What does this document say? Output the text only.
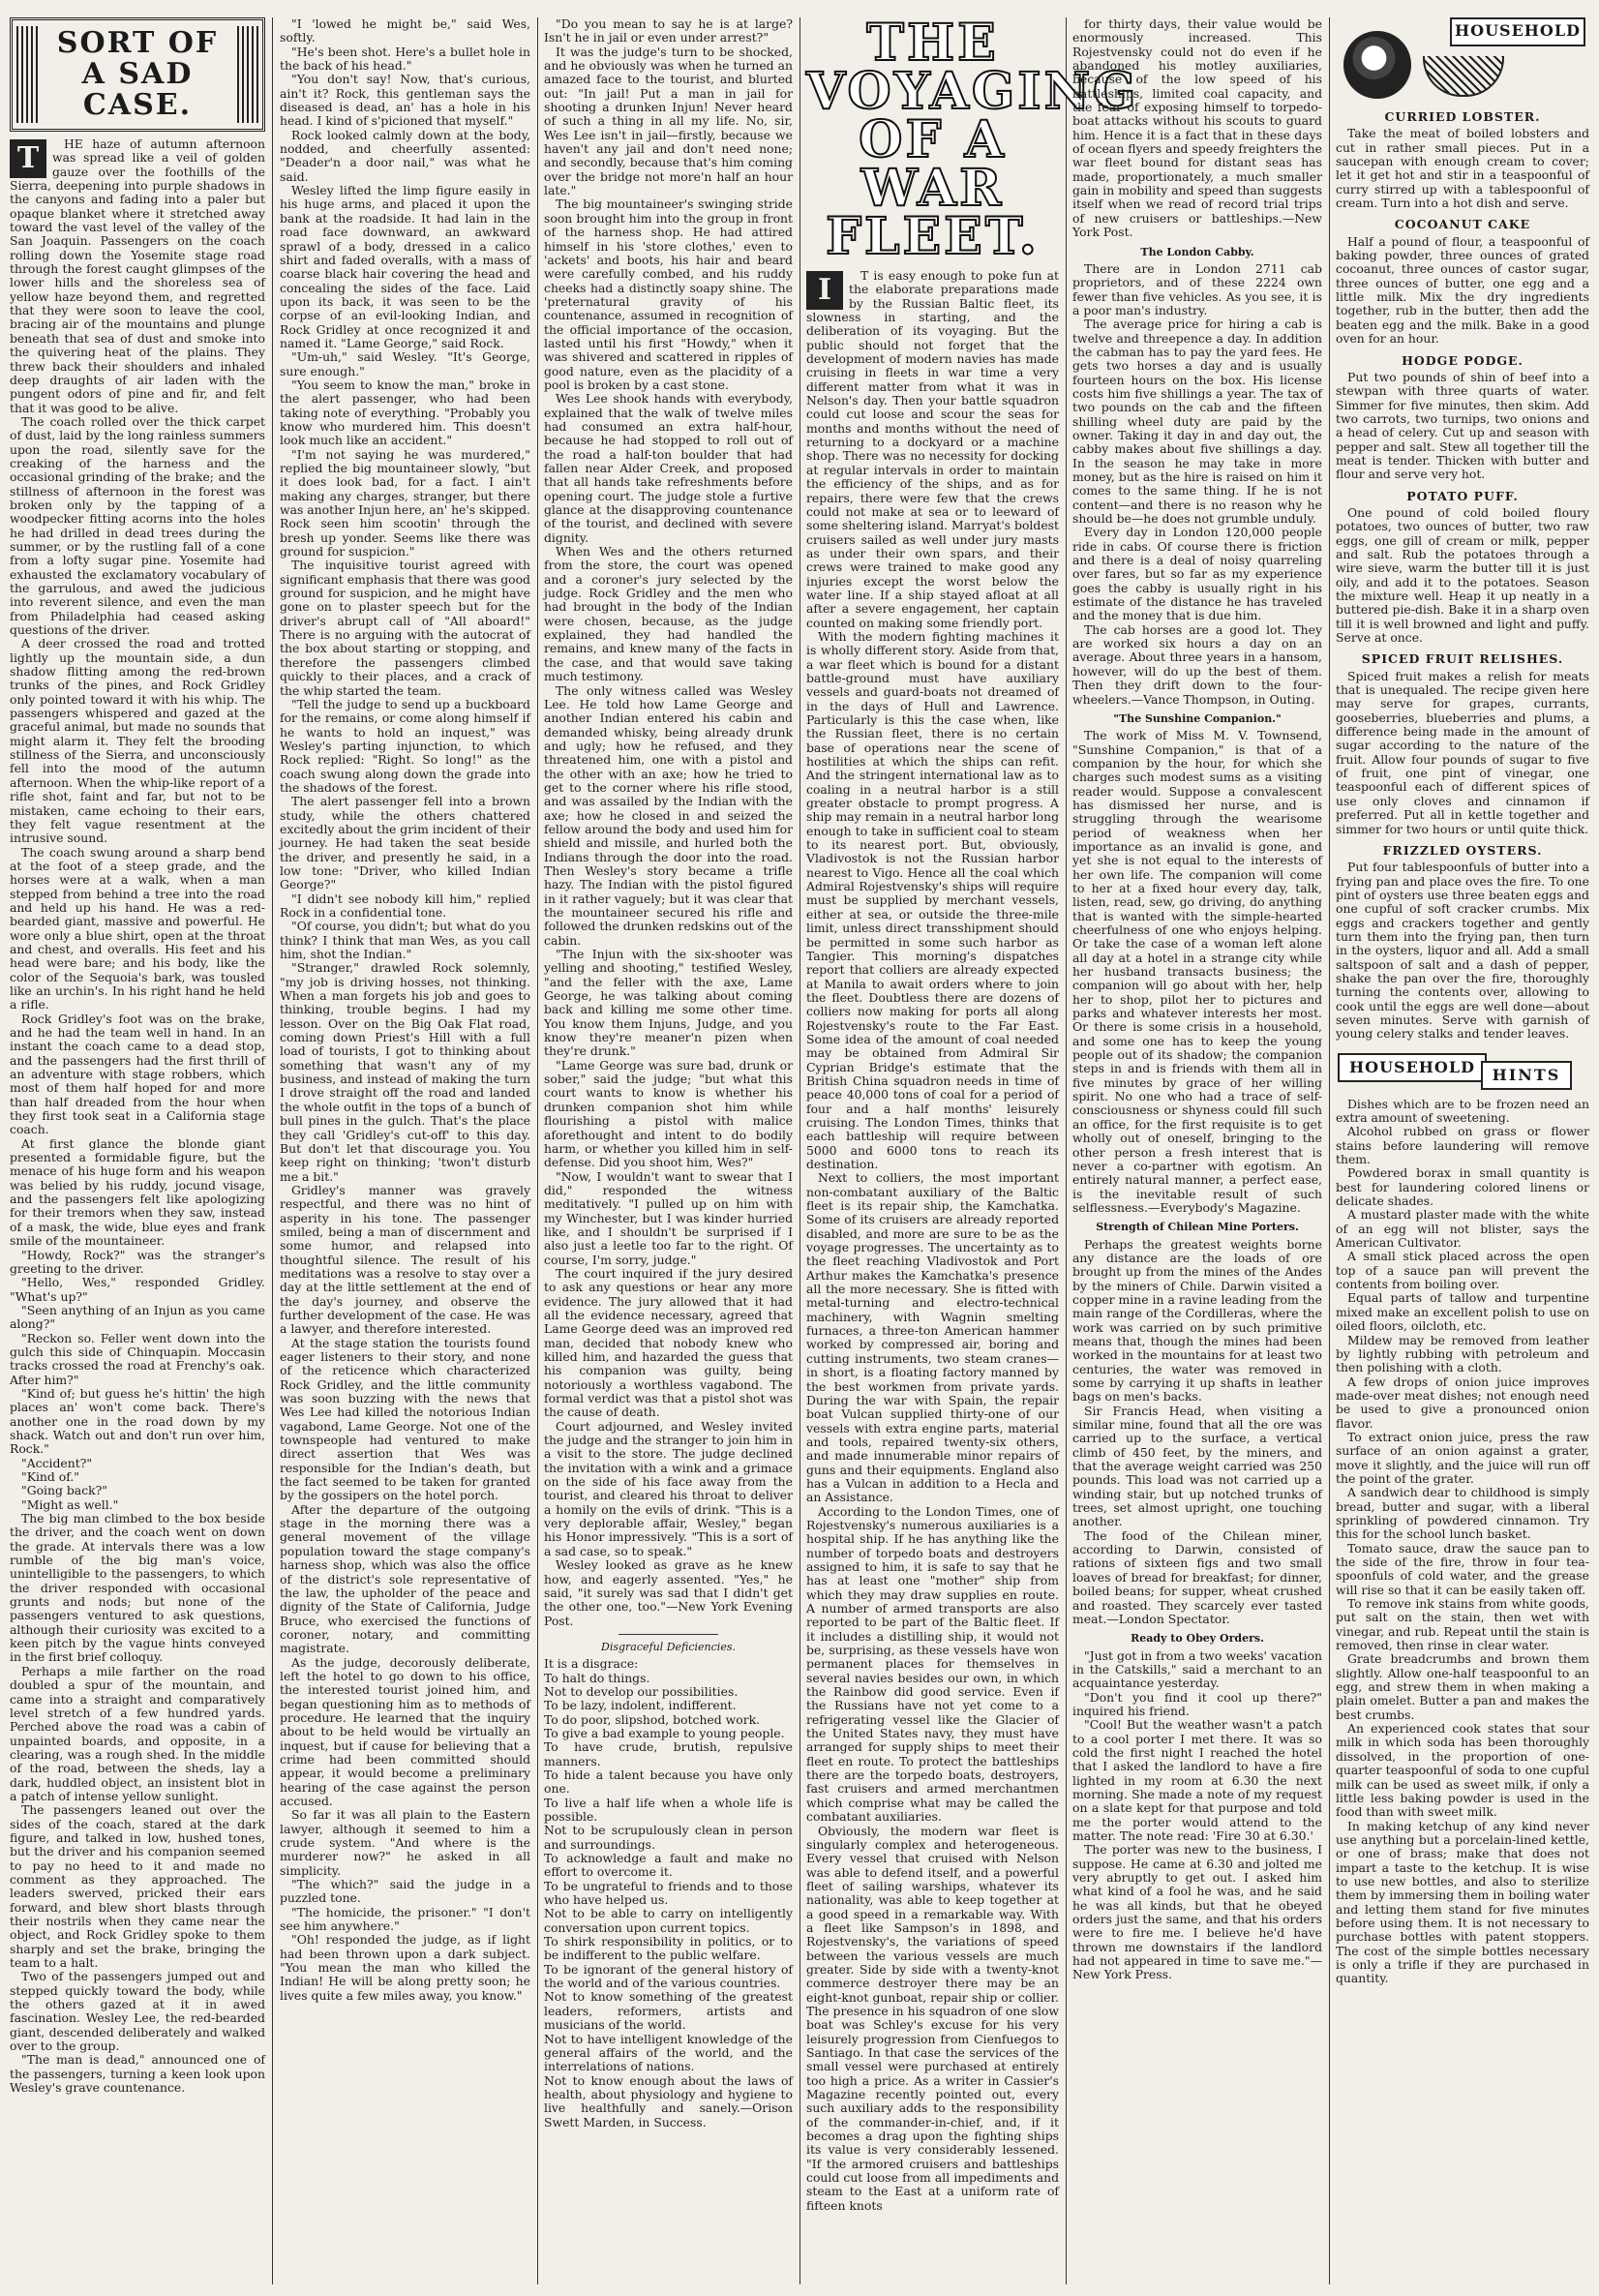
SORT OF A SAD CASE.
T	HE haze of autumn afternoon was spread like a veil of golden gauze over the foothills of the Sierra, deepening into purple shadows in the canyons and fading into a paler but opaque blanket where it stretched away toward the vast level of the valley of the San Joaquin. Passengers on the coach rolling down the Yosemite stage road through the forest caught glimpses of the lower hills and the shoreless sea of yellow haze beyond them, and regretted that they were soon to leave the cool, bracing air of the mountains and plunge beneath that sea of dust and smoke into the quivering heat of the plains. They threw back their shoulders and inhaled deep draughts of air laden with the pungent odors of pine and fir, and felt that it was good to be alive.

The coach rolled over the thick carpet of dust, laid by the long rainless summers upon the road, silently save for the creaking of the harness and the occasional grinding of the brake; and the stillness of afternoon in the forest was broken only by the tapping of a woodpecker fitting acorns into the holes he had drilled in dead trees during the summer, or by the rustling fall of a cone from a lofty sugar pine. Yosemite had exhausted the exclamatory vocabulary of the garrulous, and awed the judicious into reverent silence, and even the man from Philadelphia had ceased asking questions of the driver.

A deer crossed the road and trotted lightly up the mountain side, a dun shadow flitting among the red-brown trunks of the pines, and Rock Gridley only pointed toward it with his whip. The passengers whispered and gazed at the graceful animal, but made no sounds that might alarm it. They felt the brooding stillness of the Sierra, and unconsciously fell into the mood of the autumn afternoon. When the whip-like report of a rifle shot, faint and far, but not to be mistaken, came echoing to their ears, they felt vague resentment at the intrusive sound.

The coach swung around a sharp bend at the foot of a steep grade, and the horses were at a walk, when a man stepped from behind a tree into the road and held up his hand. He was a red-bearded giant, massive and powerful. He wore only a blue shirt, open at the throat and chest, and overalls. His feet and his head were bare; and his body, like the color of the Sequoia's bark, was tousled like an urchin's. In his right hand he held a rifle.

Rock Gridley's foot was on the brake, and he had the team well in hand. In an instant the coach came to a dead stop, and the passengers had the first thrill of an adventure with stage robbers, which most of them half hoped for and more than half dreaded from the hour when they first took seat in a California stage coach.

At first glance the blonde giant presented a formidable figure, but the menace of his huge form and his weapon was belied by his ruddy, jocund visage, and the passengers felt like apologizing for their tremors when they saw, instead of a mask, the wide, blue eyes and frank smile of the mountaineer.

"Howdy, Rock?" was the stranger's greeting to the driver.

"Hello, Wes," responded Gridley. "What's up?"

"Seen anything of an Injun as you came along?"

"Reckon so. Feller went down into the gulch this side of Chinquapin. Moccasin tracks crossed the road at Frenchy's oak. After him?"

"Kind of; but guess he's hittin' the high places an' won't come back. There's another one in the road down by my shack. Watch out and don't run over him, Rock."

"Accident?"

"Kind of."

"Going back?"

"Might as well."

The big man climbed to the box beside the driver, and the coach went on down the grade. At intervals there was a low rumble of the big man's voice, unintelligible to the passengers, to which the driver responded with occasional grunts and nods; but none of the passengers ventured to ask questions, although their curiosity was excited to a keen pitch by the vague hints conveyed in the first brief colloquy.

Perhaps a mile farther on the road doubled a spur of the mountain, and came into a straight and comparatively level stretch of a few hundred yards. Perched above the road was a cabin of unpainted boards, and opposite, in a clearing, was a rough shed. In the middle of the road, between the sheds, lay a dark, huddled object, an insistent blot in a patch of intense yellow sunlight.

The passengers leaned out over the sides of the coach, stared at the dark figure, and talked in low, hushed tones, but the driver and his companion seemed to pay no heed to it and made no comment as they approached. The leaders swerved, pricked their ears forward, and blew short blasts through their nostrils when they came near the object, and Rock Gridley spoke to them sharply and set the brake, bringing the team to a halt.

Two of the passengers jumped out and stepped quickly toward the body, while the others gazed at it in awed fascination. Wesley Lee, the red-bearded giant, descended deliberately and walked over to the group.

"The man is dead," announced one of the passengers, turning a keen look upon Wesley's grave countenance.

"I 'lowed he might be," said Wes, softly.

"He's been shot. Here's a bullet hole in the back of his head."

"You don't say! Now, that's curious, ain't it? Rock, this gentleman says the diseased is dead, an' has a hole in his head. I kind of s'picioned that myself."

Rock looked calmly down at the body, nodded, and cheerfully assented: "Deader'n a door nail," was what he said.

Wesley lifted the limp figure easily in his huge arms, and placed it upon the bank at the roadside. It had lain in the road face downward, an awkward sprawl of a body, dressed in a calico shirt and faded overalls, with a mass of coarse black hair covering the head and concealing the sides of the face. Laid upon its back, it was seen to be the corpse of an evil-looking Indian, and Rock Gridley at once recognized it and named it. "Lame George," said Rock.

"Um-uh," said Wesley. "It's George, sure enough."

"You seem to know the man," broke in the alert passenger, who had been taking note of everything. "Probably you know who murdered him. This doesn't look much like an accident."

"I'm not saying he was murdered," replied the big mountaineer slowly, "but it does look bad, for a fact. I ain't making any charges, stranger, but there was another Injun here, an' he's skipped. Rock seen him scootin' through the bresh up yonder. Seems like there was ground for suspicion."

The inquisitive tourist agreed with significant emphasis that there was good ground for suspicion, and he might have gone on to plaster speech but for the driver's abrupt call of "All aboard!" There is no arguing with the autocrat of the box about starting or stopping, and therefore the passengers climbed quickly to their places, and a crack of the whip started the team.

"Tell the judge to send up a buckboard for the remains, or come along himself if he wants to hold an inquest," was Wesley's parting injunction, to which Rock replied: "Right. So long!" as the coach swung along down the grade into the shadows of the forest.

The alert passenger fell into a brown study, while the others chattered excitedly about the grim incident of their journey. He had taken the seat beside the driver, and presently he said, in a low tone: "Driver, who killed Indian George?"

"I didn't see nobody kill him," replied Rock in a confidential tone.

"Of course, you didn't; but what do you think? I think that man Wes, as you call him, shot the Indian."

"Stranger," drawled Rock solemnly, "my job is driving hosses, not thinking. When a man forgets his job and goes to thinking, trouble begins. I had my lesson. Over on the Big Oak Flat road, coming down Priest's Hill with a full load of tourists, I got to thinking about something that wasn't any of my business, and instead of making the turn I drove straight off the road and landed the whole outfit in the tops of a bunch of bull pines in the gulch. That's the place they call 'Gridley's cut-off' to this day. But don't let that discourage you. You keep right on thinking; 'twon't disturb me a bit."

Gridley's manner was gravely respectful, and there was no hint of asperity in his tone. The passenger smiled, being a man of discernment and some humor, and relapsed into thoughtful silence. The result of his meditations was a resolve to stay over a day at the little settlement at the end of the day's journey, and observe the further development of the case. He was a lawyer, and therefore interested.

At the stage station the tourists found eager listeners to their story, and none of the reticence which characterized Rock Gridley, and the little community was soon buzzing with the news that Wes Lee had killed the notorious Indian vagabond, Lame George. Not one of the townspeople had ventured to make direct assertion that Wes was responsible for the Indian's death, but the fact seemed to be taken for granted by the gossipers on the hotel porch.

After the departure of the outgoing stage in the morning there was a general movement of the village population toward the stage company's harness shop, which was also the office of the district's sole representative of the law, the upholder of the peace and dignity of the State of California, Judge Bruce, who exercised the functions of coroner, notary, and committing magistrate.

As the judge, decorously deliberate, left the hotel to go down to his office, the interested tourist joined him, and began questioning him as to methods of procedure. He learned that the inquiry about to be held would be virtually an inquest, but if cause for believing that a crime had been committed should appear, it would become a preliminary hearing of the case against the person accused.

So far it was all plain to the Eastern lawyer, although it seemed to him a crude system. "And where is the murderer now?" he asked in all simplicity.

"The which?" said the judge in a puzzled tone.

"The homicide, the prisoner." "I don't see him anywhere."

"Oh! responded the judge, as if light had been thrown upon a dark subject. "You mean the man who killed the Indian! He will be along pretty soon; he lives quite a few miles away, you know."

"Do you mean to say he is at large? Isn't he in jail or even under arrest?"

It was the judge's turn to be shocked, and he obviously was when he turned an amazed face to the tourist, and blurted out: "In jail! Put a man in jail for shooting a drunken Injun! Never heard of such a thing in all my life. No, sir, Wes Lee isn't in jail—firstly, because we haven't any jail and don't need none; and secondly, because that's him coming over the bridge not more'n half an hour late."

The big mountaineer's swinging stride soon brought him into the group in front of the harness shop. He had attired himself in his 'store clothes,' even to 'ackets' and boots, his hair and beard were carefully combed, and his ruddy cheeks had a distinctly soapy shine. The 'preternatural gravity of his countenance, assumed in recognition of the official importance of the occasion, lasted until his first "Howdy," when it was shivered and scattered in ripples of good nature, even as the placidity of a pool is broken by a cast stone.

Wes Lee shook hands with everybody, explained that the walk of twelve miles had consumed an extra half-hour, because he had stopped to roll out of the road a half-ton boulder that had fallen near Alder Creek, and proposed that all hands take refreshments before opening court. The judge stole a furtive glance at the disapproving countenance of the tourist, and declined with severe dignity.

When Wes and the others returned from the store, the court was opened and a coroner's jury selected by the judge. Rock Gridley and the men who had brought in the body of the Indian were chosen, because, as the judge explained, they had handled the remains, and knew many of the facts in the case, and that would save taking much testimony.

The only witness called was Wesley Lee. He told how Lame George and another Indian entered his cabin and demanded whisky, being already drunk and ugly; how he refused, and they threatened him, one with a pistol and the other with an axe; how he tried to get to the corner where his rifle stood, and was assailed by the Indian with the axe; how he closed in and seized the fellow around the body and used him for shield and missile, and hurled both the Indians through the door into the road. Then Wesley's story became a trifle hazy. The Indian with the pistol figured in it rather vaguely; but it was clear that the mountaineer secured his rifle and followed the drunken redskins out of the cabin.

"The Injun with the six-shooter was yelling and shooting," testified Wesley, "and the feller with the axe, Lame George, he was talking about coming back and killing me some other time. You know them Injuns, Judge, and you know they're meaner'n pizen when they're drunk."

"Lame George was sure bad, drunk or sober," said the judge; "but what this court wants to know is whether his drunken companion shot him while flourishing a pistol with malice aforethought and intent to do bodily harm, or whether you killed him in self-defense. Did you shoot him, Wes?"

"Now, I wouldn't want to swear that I did," responded the witness meditatively. "I pulled up on him with my Winchester, but I was kinder hurried like, and I shouldn't be surprised if I also just a leetle too far to the right. Of course, I'm sorry, judge."

The court inquired if the jury desired to ask any questions or hear any more evidence. The jury allowed that it had all the evidence necessary, agreed that Lame George deed was an improved red man, decided that nobody knew who killed him, and hazarded the guess that his companion was guilty, being notoriously a worthless vagabond. The formal verdict was that a pistol shot was the cause of death.

Court adjourned, and Wesley invited the judge and the stranger to join him in a visit to the store. The judge declined the invitation with a wink and a grimace on the side of his face away from the tourist, and cleared his throat to deliver a homily on the evils of drink. "This is a very deplorable affair, Wesley," began his Honor impressively. "This is a sort of a sad case, so to speak."

Wesley looked as grave as he knew how, and eagerly assented. "Yes," he said, "it surely was sad that I didn't get the other one, too."—New York Evening Post.

Disgraceful Deficiencies.

It is a disgrace:

To halt do things.

Not to develop our possibilities.

To be lazy, indolent, indifferent.

To do poor, slipshod, botched work.

To give a bad example to young people.

To have crude, brutish, repulsive manners.

To hide a talent because you have only one.

To live a half life when a whole life is possible.

Not to be scrupulously clean in person and surroundings.

To acknowledge a fault and make no effort to overcome it.

To be ungrateful to friends and to those who have helped us.

Not to be able to carry on intelligently conversation upon current topics.

To shirk responsibility in politics, or to be indifferent to the public welfare.

To be ignorant of the general history of the world and of the various countries.

Not to know something of the greatest leaders, reformers, artists and musicians of the world.

Not to have intelligent knowledge of the general affairs of the world, and the interrelations of nations.

Not to know enough about the laws of health, about physiology and hygiene to live healthfully and sanely.—Orison Swett Marden, in Success.

THE VOYAGING OF A WAR FLEET.
I	T is easy enough to poke fun at the elaborate preparations made by the Russian Baltic fleet, its slowness in starting, and the deliberation of its voyaging. But the public should not forget that the development of modern navies has made cruising in fleets in war time a very different matter from what it was in Nelson's day. Then your battle squadron could cut loose and scour the seas for months and months without the need of returning to a dockyard or a machine shop. There was no necessity for docking at regular intervals in order to maintain the efficiency of the ships, and as for repairs, there were few that the crews could not make at sea or to leeward of some sheltering island. Marryat's boldest cruisers sailed as well under jury masts as under their own spars, and their crews were trained to make good any injuries except the worst below the water line. If a ship stayed afloat at all after a severe engagement, her captain counted on making some friendly port.

With the modern fighting machines it is wholly different story. Aside from that, a war fleet which is bound for a distant battle-ground must have auxiliary vessels and guard-boats not dreamed of in the days of Hull and Lawrence. Particularly is this the case when, like the Russian fleet, there is no certain base of operations near the scene of hostilities at which the ships can refit. And the stringent international law as to coaling in a neutral harbor is a still greater obstacle to prompt progress. A ship may remain in a neutral harbor long enough to take in sufficient coal to steam to its nearest port. But, obviously, Vladivostok is not the Russian harbor nearest to Vigo. Hence all the coal which Admiral Rojestvensky's ships will require must be supplied by merchant vessels, either at sea, or outside the three-mile limit, unless direct transshipment should be permitted in some such harbor as Tangier. This morning's dispatches report that colliers are already expected at Manila to await orders where to join the fleet. Doubtless there are dozens of colliers now making for ports all along Rojestvensky's route to the Far East. Some idea of the amount of coal needed may be obtained from Admiral Sir Cyprian Bridge's estimate that the British China squadron needs in time of peace 40,000 tons of coal for a period of four and a half months' leisurely cruising. The London Times, thinks that each battleship will require between 5000 and 6000 tons to reach its destination.

Next to colliers, the most important non-combatant auxiliary of the Baltic fleet is its repair ship, the Kamchatka. Some of its cruisers are already reported disabled, and more are sure to be as the voyage progresses. The uncertainty as to the fleet reaching Vladivostok and Port Arthur makes the Kamchatka's presence all the more necessary. She is fitted with metal-turning and electro-technical machinery, with Wagnin smelting furnaces, a three-ton American hammer worked by compressed air, boring and cutting instruments, two steam cranes—in short, is a floating factory manned by the best workmen from private yards. During the war with Spain, the repair boat Vulcan supplied thirty-one of our vessels with extra engine parts, material and tools, repaired twenty-six others, and made innumerable minor repairs of guns and their equipments. England also has a Vulcan in addition to a Hecla and an Assistance.

According to the London Times, one of Rojestvensky's numerous auxiliaries is a hospital ship. If he has anything like the number of torpedo boats and destroyers assigned to him, it is safe to say that he has at least one "mother" ship from which they may draw supplies en route. A number of armed transports are also reported to be part of the Baltic fleet. If it includes a distilling ship, it would not be, surprising, as these vessels have won permanent places for themselves in several navies besides our own, in which the Rainbow did good service. Even if the Russians have not yet come to a refrigerating vessel like the Glacier of the United States navy, they must have arranged for supply ships to meet their fleet en route. To protect the battleships there are the torpedo boats, destroyers, fast cruisers and armed merchantmen which comprise what may be called the combatant auxiliaries.

Obviously, the modern war fleet is singularly complex and heterogeneous. Every vessel that cruised with Nelson was able to defend itself, and a powerful fleet of sailing warships, whatever its nationality, was able to keep together at a good speed in a remarkable way. With a fleet like Sampson's in 1898, and Rojestvensky's, the variations of speed between the various vessels are much greater. Side by side with a twenty-knot commerce destroyer there may be an eight-knot gunboat, repair ship or collier. The presence in his squadron of one slow boat was Schley's excuse for his very leisurely progression from Cienfuegos to Santiago. In that case the services of the small vessel were purchased at entirely too high a price. As a writer in Cassier's Magazine recently pointed out, every such auxiliary adds to the responsibility of the commander-in-chief, and, if it becomes a drag upon the fighting ships its value is very considerably lessened. "If the armored cruisers and battleships could cut loose from all impediments and steam to the East at a uniform rate of fifteen knots

for thirty days, their value would be enormously increased. This Rojestvensky could not do even if he abandoned his motley auxiliaries, because of the low speed of his battleships, limited coal capacity, and the fear of exposing himself to torpedo-boat attacks without his scouts to guard him. Hence it is a fact that in these days of ocean flyers and speedy freighters the war fleet bound for distant seas has made, proportionately, a much smaller gain in mobility and speed than suggests itself when we read of record trial trips of new cruisers or battleships.—New York Post.

The London Cabby.

There are in London 2711 cab proprietors, and of these 2224 own fewer than five vehicles. As you see, it is a poor man's industry.

The average price for hiring a cab is twelve and threepence a day. In addition the cabman has to pay the yard fees. He gets two horses a day and is usually fourteen hours on the box. His license costs him five shillings a year. The tax of two pounds on the cab and the fifteen shilling wheel duty are paid by the owner. Taking it day in and day out, the cabby makes about five shillings a day. In the season he may take in more money, but as the hire is raised on him it comes to the same thing. If he is not content—and there is no reason why he should be—he does not grumble unduly.

Every day in London 120,000 people ride in cabs. Of course there is friction and there is a deal of noisy quarreling over fares, but so far as my experience goes the cabby is usually right in his estimate of the distance he has traveled and the money that is due him.

The cab horses are a good lot. They are worked six hours a day on an average. About three years in a hansom, however, will do up the best of them. Then they drift down to the four-wheelers.—Vance Thompson, in Outing.

"The Sunshine Companion."

The work of Miss M. V. Townsend, "Sunshine Companion," is that of a companion by the hour, for which she charges such modest sums as a visiting reader would. Suppose a convalescent has dismissed her nurse, and is struggling through the wearisome period of weakness when her importance as an invalid is gone, and yet she is not equal to the interests of her own life. The companion will come to her at a fixed hour every day, talk, listen, read, sew, go driving, do anything that is wanted with the simple-hearted cheerfulness of one who enjoys helping. Or take the case of a woman left alone all day at a hotel in a strange city while her husband transacts business; the companion will go about with her, help her to shop, pilot her to pictures and parks and whatever interests her most. Or there is some crisis in a household, and some one has to keep the young people out of its shadow; the companion steps in and is friends with them all in five minutes by grace of her willing spirit. No one who had a trace of self-consciousness or shyness could fill such an office, for the first requisite is to get wholly out of oneself, bringing to the other person a fresh interest that is never a co-partner with egotism. An entirely natural manner, a perfect ease, is the inevitable result of such selflessness.—Everybody's Magazine.

Strength of Chilean Mine Porters.

Perhaps the greatest weights borne any distance are the loads of ore brought up from the mines of the Andes by the miners of Chile. Darwin visited a copper mine in a ravine leading from the main range of the Cordilleras, where the work was carried on by such primitive means that, though the mines had been worked in the mountains for at least two centuries, the water was removed in some by carrying it up shafts in leather bags on men's backs.

Sir Francis Head, when visiting a similar mine, found that all the ore was carried up to the surface, a vertical climb of 450 feet, by the miners, and that the average weight carried was 250 pounds. This load was not carried up a winding stair, but up notched trunks of trees, set almost upright, one touching another.

The food of the Chilean miner, according to Darwin, consisted of rations of sixteen figs and two small loaves of bread for breakfast; for dinner, boiled beans; for supper, wheat crushed and roasted. They scarcely ever tasted meat.—London Spectator.

Ready to Obey Orders.

"Just got in from a two weeks' vacation in the Catskills," said a merchant to an acquaintance yesterday.

"Don't you find it cool up there?" inquired his friend.

"Cool! But the weather wasn't a patch to a cool porter I met there. It was so cold the first night I reached the hotel that I asked the landlord to have a fire lighted in my room at 6.30 the next morning. She made a note of my request on a slate kept for that purpose and told me the porter would attend to the matter. The note read: 'Fire 30 at 6.30.'

The porter was new to the business, I suppose. He came at 6.30 and jolted me very abruptly to get out. I asked him what kind of a fool he was, and he said he was all kinds, but that he obeyed orders just the same, and that his orders were to fire me. I believe he'd have thrown me downstairs if the landlord had not appeared in time to save me."—New York Press.

HOUSEHOLD
CURRIED LOBSTER.

Take the meat of boiled lobsters and cut in rather small pieces. Put in a saucepan with enough cream to cover; let it get hot and stir in a teaspoonful of curry stirred up with a tablespoonful of cream. Turn into a hot dish and serve.

COCOANUT CAKE

Half a pound of flour, a teaspoonful of baking powder, three ounces of grated cocoanut, three ounces of castor sugar, three ounces of butter, one egg and a little milk. Mix the dry ingredients together, rub in the butter, then add the beaten egg and the milk. Bake in a good oven for an hour.

HODGE PODGE.

Put two pounds of shin of beef into a stewpan with three quarts of water. Simmer for five minutes, then skim. Add two carrots, two turnips, two onions and a head of celery. Cut up and season with pepper and salt. Stew all together till the meat is tender. Thicken with butter and flour and serve very hot.

POTATO PUFF.

One pound of cold boiled floury potatoes, two ounces of butter, two raw eggs, one gill of cream or milk, pepper and salt. Rub the potatoes through a wire sieve, warm the butter till it is just oily, and add it to the potatoes. Season the mixture well. Heap it up neatly in a buttered pie-dish. Bake it in a sharp oven till it is well browned and light and puffy. Serve at once.

SPICED FRUIT RELISHES.

Spiced fruit makes a relish for meats that is unequaled. The recipe given here may serve for grapes, currants, gooseberries, blueberries and plums, a difference being made in the amount of sugar according to the nature of the fruit. Allow four pounds of sugar to five of fruit, one pint of vinegar, one teaspoonful each of different spices of use only cloves and cinnamon if preferred. Put all in kettle together and simmer for two hours or until quite thick.

FRIZZLED OYSTERS.

Put four tablespoonfuls of butter into a frying pan and place oves the fire. To one pint of oysters use three beaten eggs and one cupful of soft cracker crumbs. Mix eggs and crackers together and gently turn them into the frying pan, then turn in the oysters, liquor and all. Add a small saltspoon of salt and a dash of pepper, shake the pan over the fire, thoroughly turning the contents over, allowing to cook until the eggs are well done—about seven minutes. Serve with garnish of young celery stalks and tender leaves.

HOUSEHOLD	HINTS

Dishes which are to be frozen need an extra amount of sweetening.

Alcohol rubbed on grass or flower stains before laundering will remove them.

Powdered borax in small quantity is best for laundering colored linens or delicate shades.

A mustard plaster made with the white of an egg will not blister, says the American Cultivator.

A small stick placed across the open top of a sauce pan will prevent the contents from boiling over.

Equal parts of tallow and turpentine mixed make an excellent polish to use on oiled floors, oilcloth, etc.

Mildew may be removed from leather by lightly rubbing with petroleum and then polishing with a cloth.

A few drops of onion juice improves made-over meat dishes; not enough need be used to give a pronounced onion flavor.

To extract onion juice, press the raw surface of an onion against a grater, move it slightly, and the juice will run off the point of the grater.

A sandwich dear to childhood is simply bread, butter and sugar, with a liberal sprinkling of powdered cinnamon. Try this for the school lunch basket.

Tomato sauce, draw the sauce pan to the side of the fire, throw in four tea-spoonfuls of cold water, and the grease will rise so that it can be easily taken off.

To remove ink stains from white goods, put salt on the stain, then wet with vinegar, and rub. Repeat until the stain is removed, then rinse in clear water.

Grate breadcrumbs and brown them slightly. Allow one-half teaspoonful to an egg, and strew them in when making a plain omelet. Butter a pan and makes the best crumbs.

An experienced cook states that sour milk in which soda has been thoroughly dissolved, in the proportion of one-quarter teaspoonful of soda to one cupful milk can be used as sweet milk, if only a little less baking powder is used in the food than with sweet milk.

In making ketchup of any kind never use anything but a porcelain-lined kettle, or one of brass; make that does not impart a taste to the ketchup. It is wise to use new bottles, and also to sterilize them by immersing them in boiling water and letting them stand for five minutes before using them. It is not necessary to purchase bottles with patent stoppers. The cost of the simple bottles necessary is only a trifle if they are purchased in quantity.
